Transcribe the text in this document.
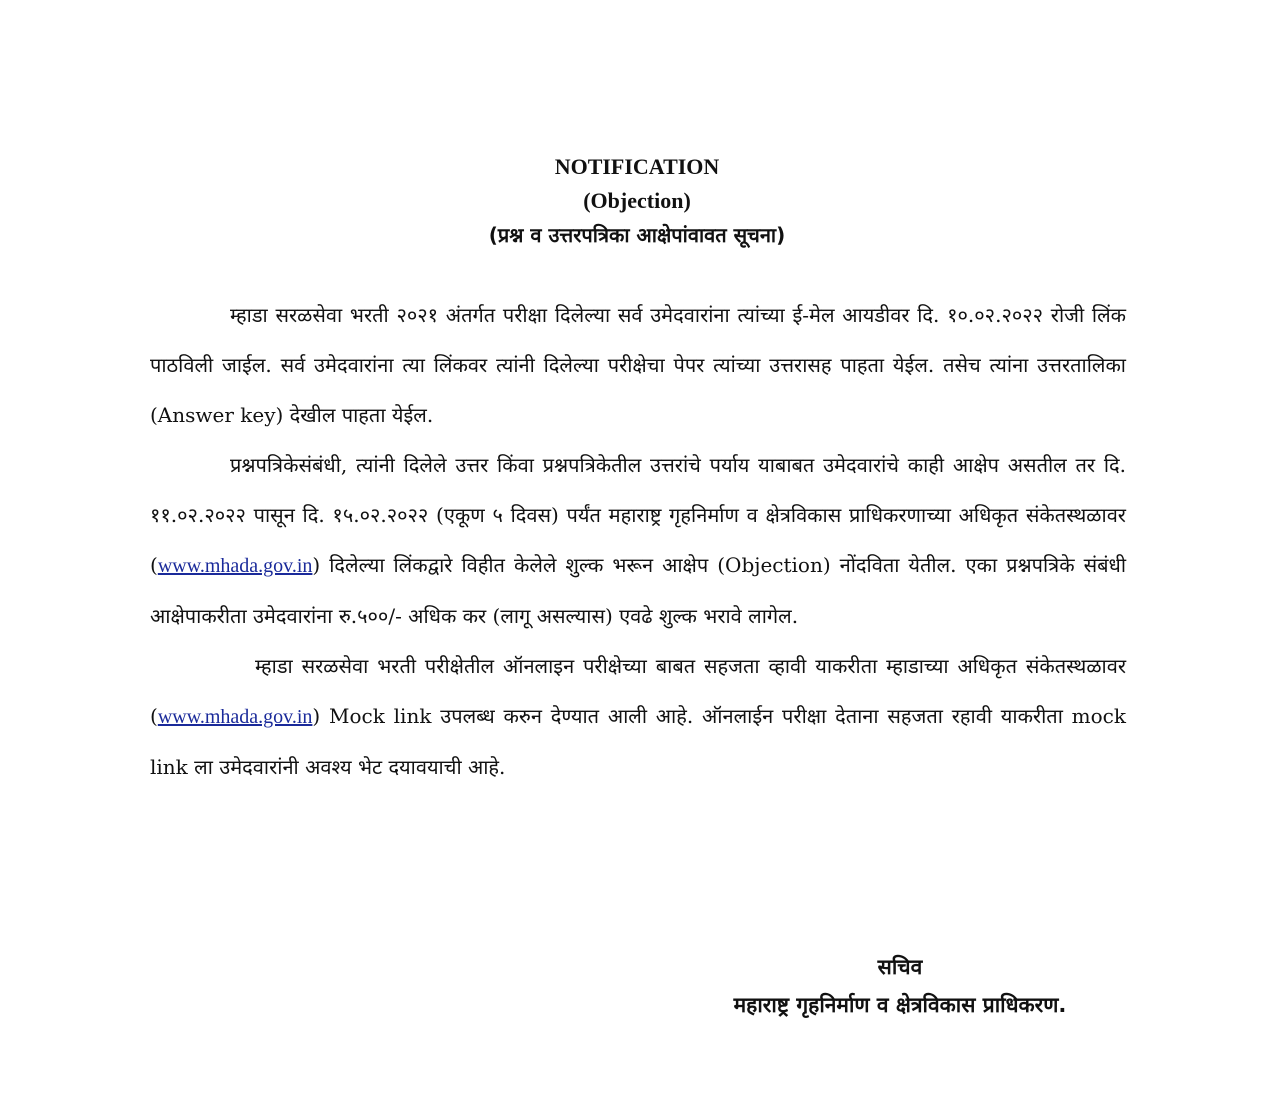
NOTIFICATION
(Objection)
(प्रश्न व उत्तरपत्रिका आक्षेपांवावत सूचना)

म्हाडा सरळसेवा भरती २०२१ अंतर्गत परीक्षा दिलेल्या सर्व उमेदवारांना त्यांच्या ई-मेल आयडीवर दि. १०.०२.२०२२ रोजी लिंक पाठविली जाईल. सर्व उमेदवारांना त्या लिंकवर त्यांनी दिलेल्या परीक्षेचा पेपर त्यांच्या उत्तरासह पाहता येईल. तसेच त्यांना उत्तरतालिका (Answer key) देखील पाहता येईल.

प्रश्नपत्रिकेसंबंधी, त्यांनी दिलेले उत्तर किंवा प्रश्नपत्रिकेतील उत्तरांचे पर्याय याबाबत उमेदवारांचे काही आक्षेप असतील तर दि. ११.०२.२०२२ पासून दि. १५.०२.२०२२ (एकूण ५ दिवस) पर्यंत महाराष्ट्र गृहनिर्माण व क्षेत्रविकास प्राधिकरणाच्या अधिकृत संकेतस्थळावर (www.mhada.gov.in) दिलेल्या लिंकद्वारे विहीत केलेले शुल्क भरून आक्षेप (Objection) नोंदविता येतील. एका प्रश्नपत्रिके संबंधी आक्षेपाकरीता उमेदवारांना रु.५००/- अधिक कर (लागू असल्यास) एवढे शुल्क भरावे लागेल.

म्हाडा सरळसेवा भरती परीक्षेतील ऑनलाइन परीक्षेच्या बाबत सहजता व्हावी याकरीता म्हाडाच्या अधिकृत संकेतस्थळावर (www.mhada.gov.in) Mock link उपलब्ध करुन देण्यात आली आहे. ऑनलाईन परीक्षा देताना सहजता रहावी याकरीता mock link ला उमेदवारांनी अवश्य भेट दयावयाची आहे.

सचिव
महाराष्ट्र गृहनिर्माण व क्षेत्रविकास प्राधिकरण.
